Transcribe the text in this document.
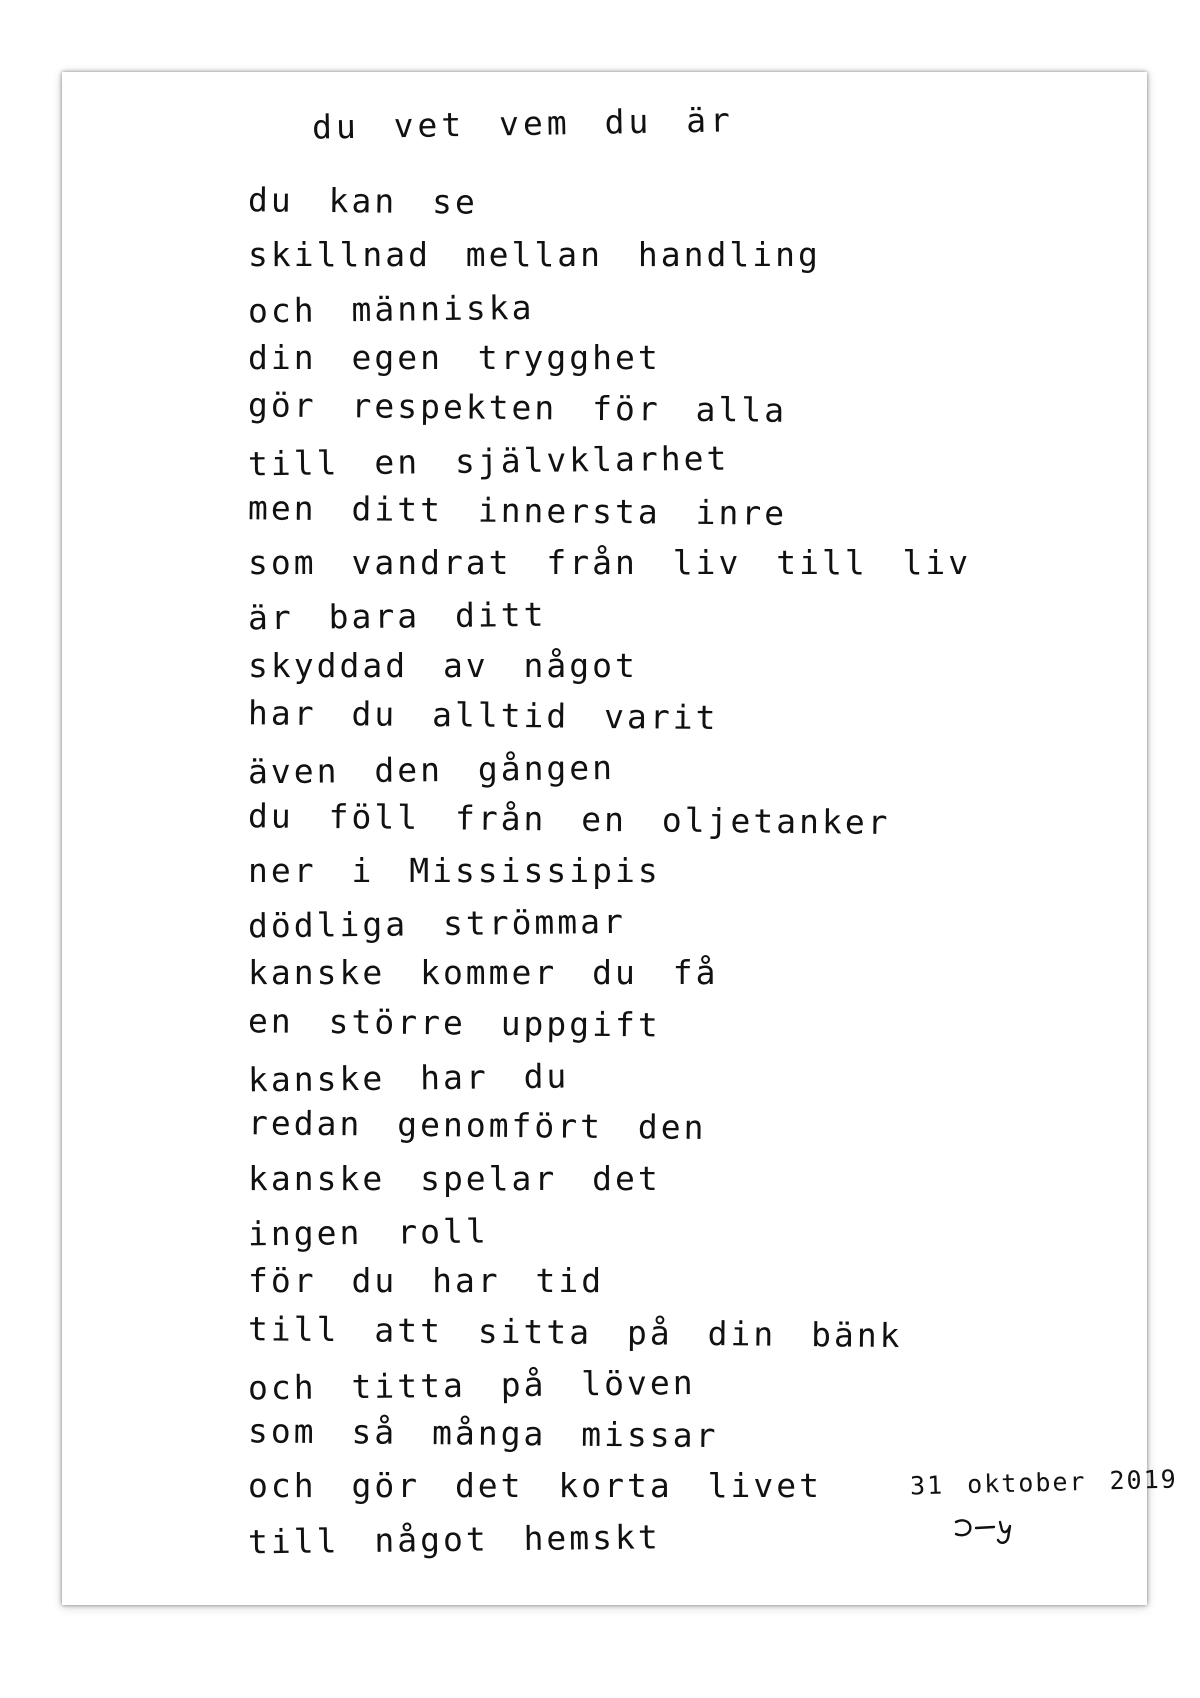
du vet vem du är
du kan se
skillnad mellan handling
och människa
din egen trygghet
gör respekten för alla
till en självklarhet
men ditt innersta inre
som vandrat från liv till liv
är bara ditt
skyddad av något
har du alltid varit
även den gången
du föll från en oljetanker
ner i Mississipis
dödliga strömmar
kanske kommer du få
en större uppgift
kanske har du
redan genomfört den
kanske spelar det
ingen roll
för du har tid
till att sitta på din bänk
och titta på löven
som så många missar
och gör det korta livet
till något hemskt
31 oktober 2019
